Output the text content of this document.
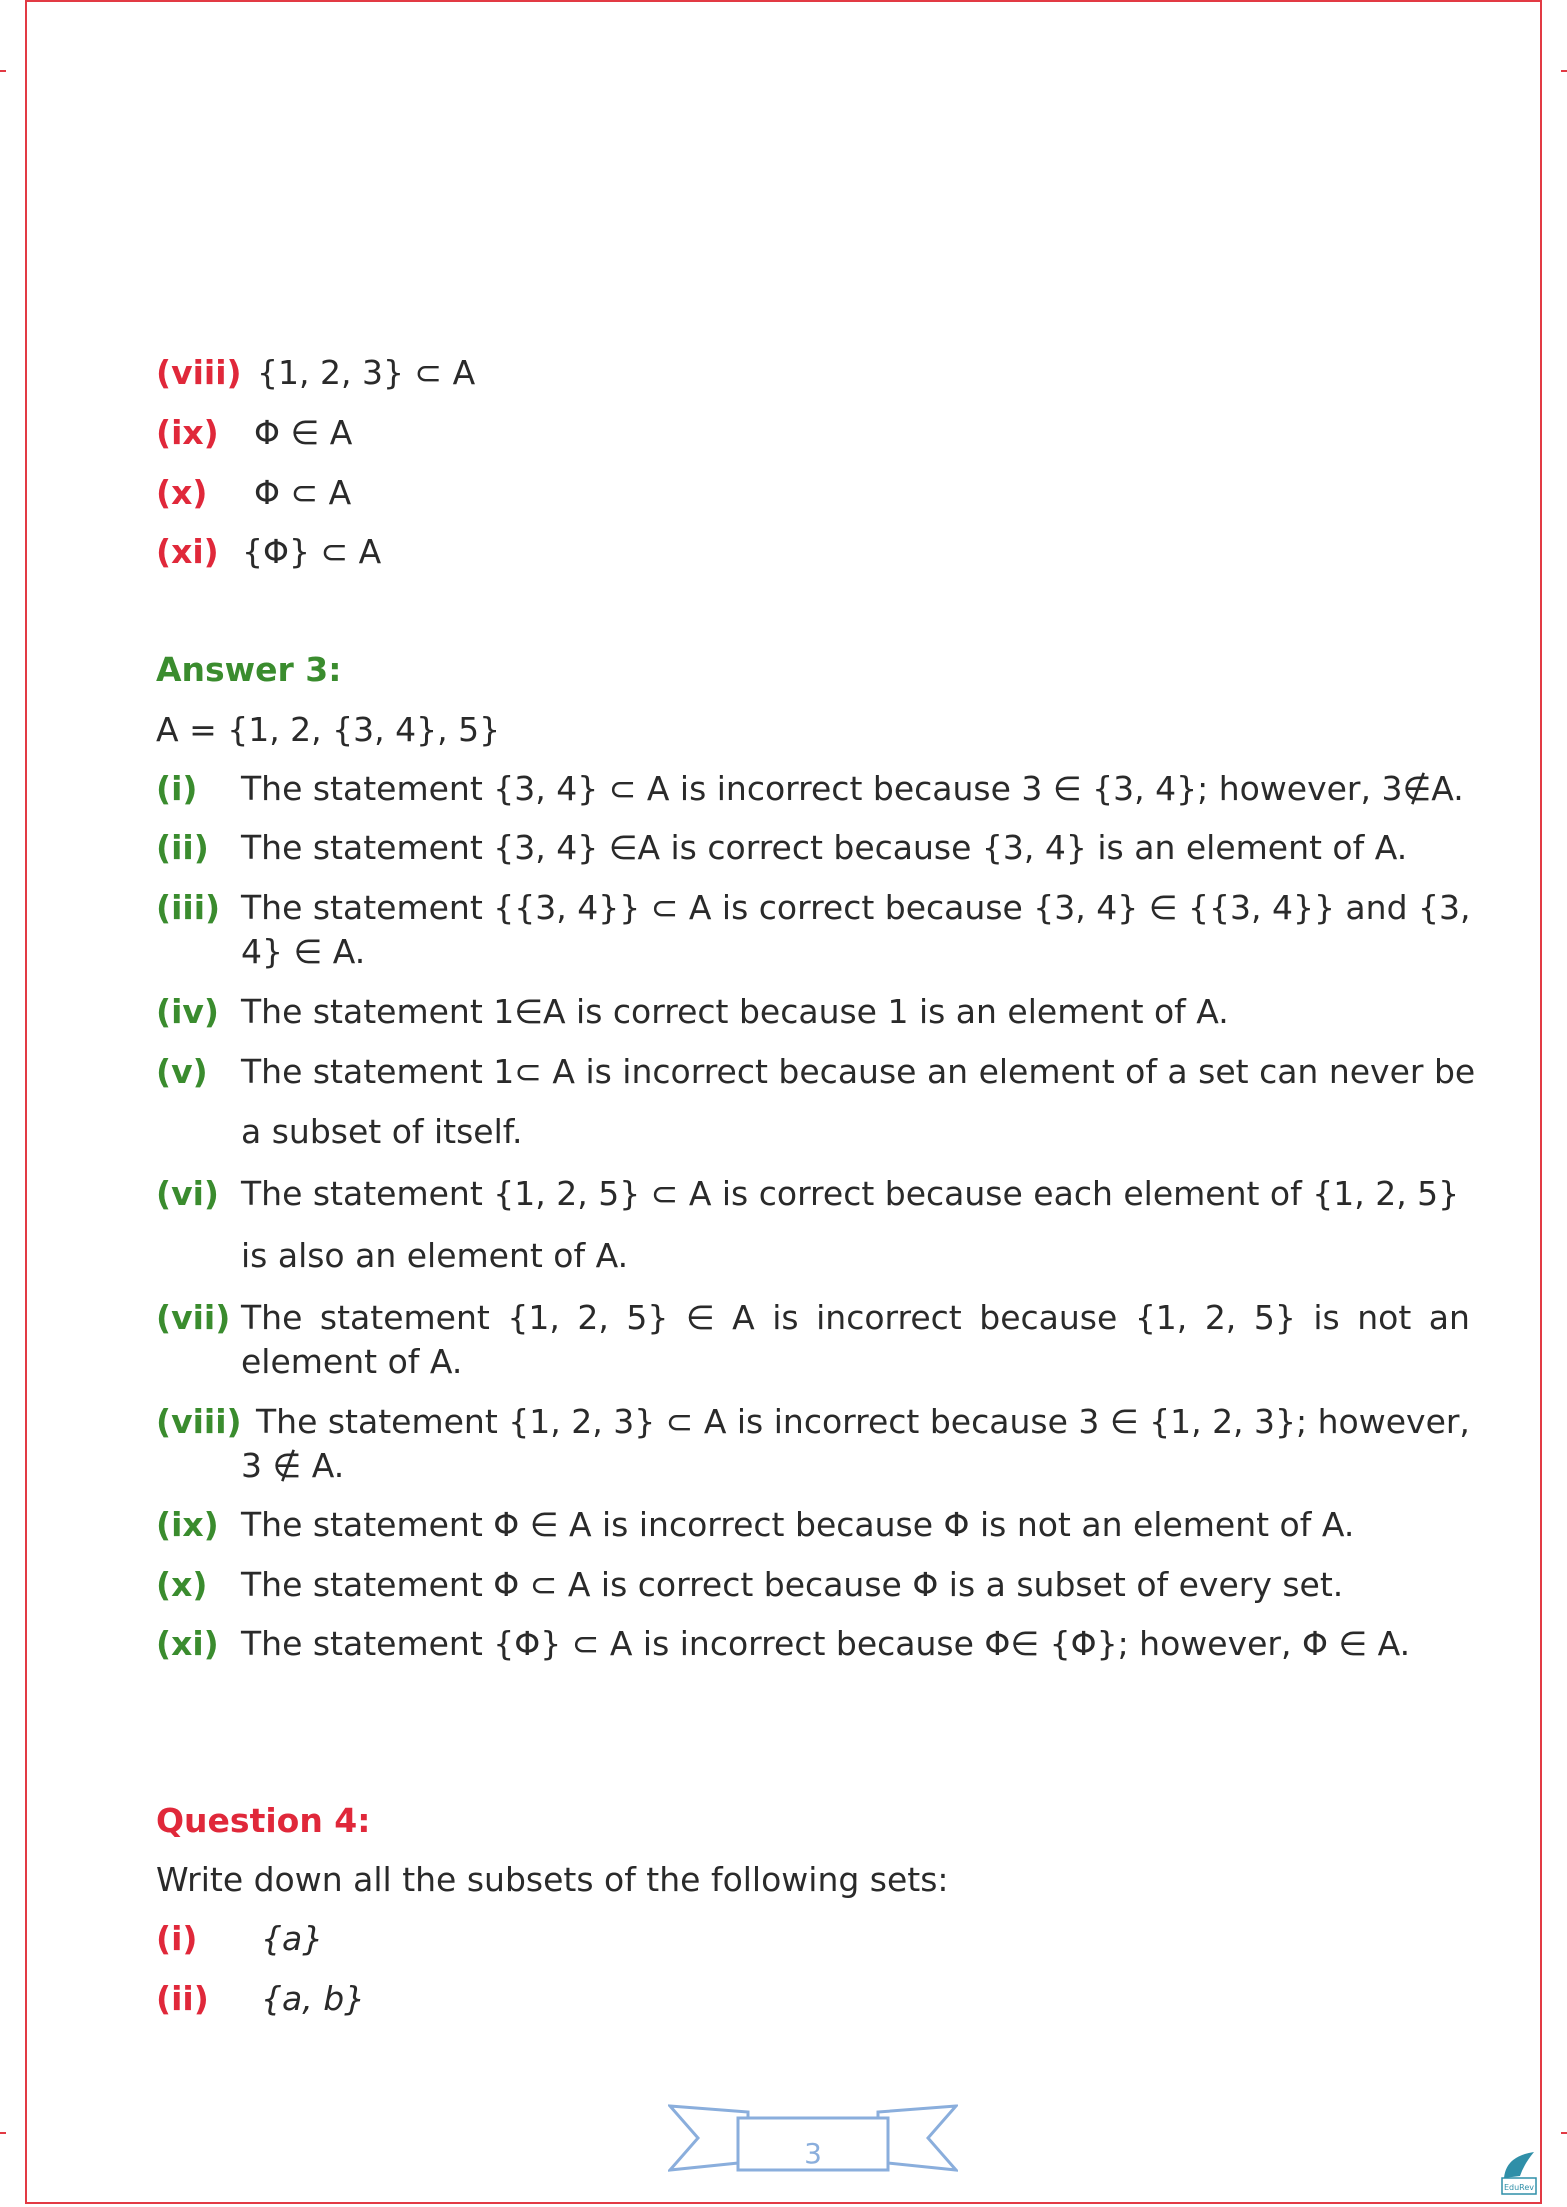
(viii) {1, 2, 3} ⊂ A
(ix) Φ ∈ A
(x) Φ ⊂ A
(xi) {Φ} ⊂ A
Answer 3:
A = {1, 2, {3, 4}, 5}
(i) The statement {3, 4} ⊂ A is incorrect because 3 ∈ {3, 4}; however, 3∉A.
(ii) The statement {3, 4} ∈A is correct because {3, 4} is an element of A.
(iii) The statement {{3, 4}} ⊂ A is correct because {3, 4} ∈ {{3, 4}} and {3,
4} ∈ A.
(iv) The statement 1∈A is correct because 1 is an element of A.
(v) The statement 1⊂ A is incorrect because an element of a set can never be
a subset of itself.
(vi) The statement {1, 2, 5} ⊂ A is correct because each element of {1, 2, 5}
is also an element of A.
(vii) The statement {1, 2, 5} ∈ A is incorrect because {1, 2, 5} is not an
element of A.
(viii) The statement {1, 2, 3} ⊂ A is incorrect because 3 ∈ {1, 2, 3}; however,
3 ∉ A.
(ix) The statement Φ ∈ A is incorrect because Φ is not an element of A.
(x) The statement Φ ⊂ A is correct because Φ is a subset of every set.
(xi) The statement {Φ} ⊂ A is incorrect because Φ∈ {Φ}; however, Φ ∈ A.
Question 4:
Write down all the subsets of the following sets:
(i) {a}
(ii) {a, b}
3
EduRev
